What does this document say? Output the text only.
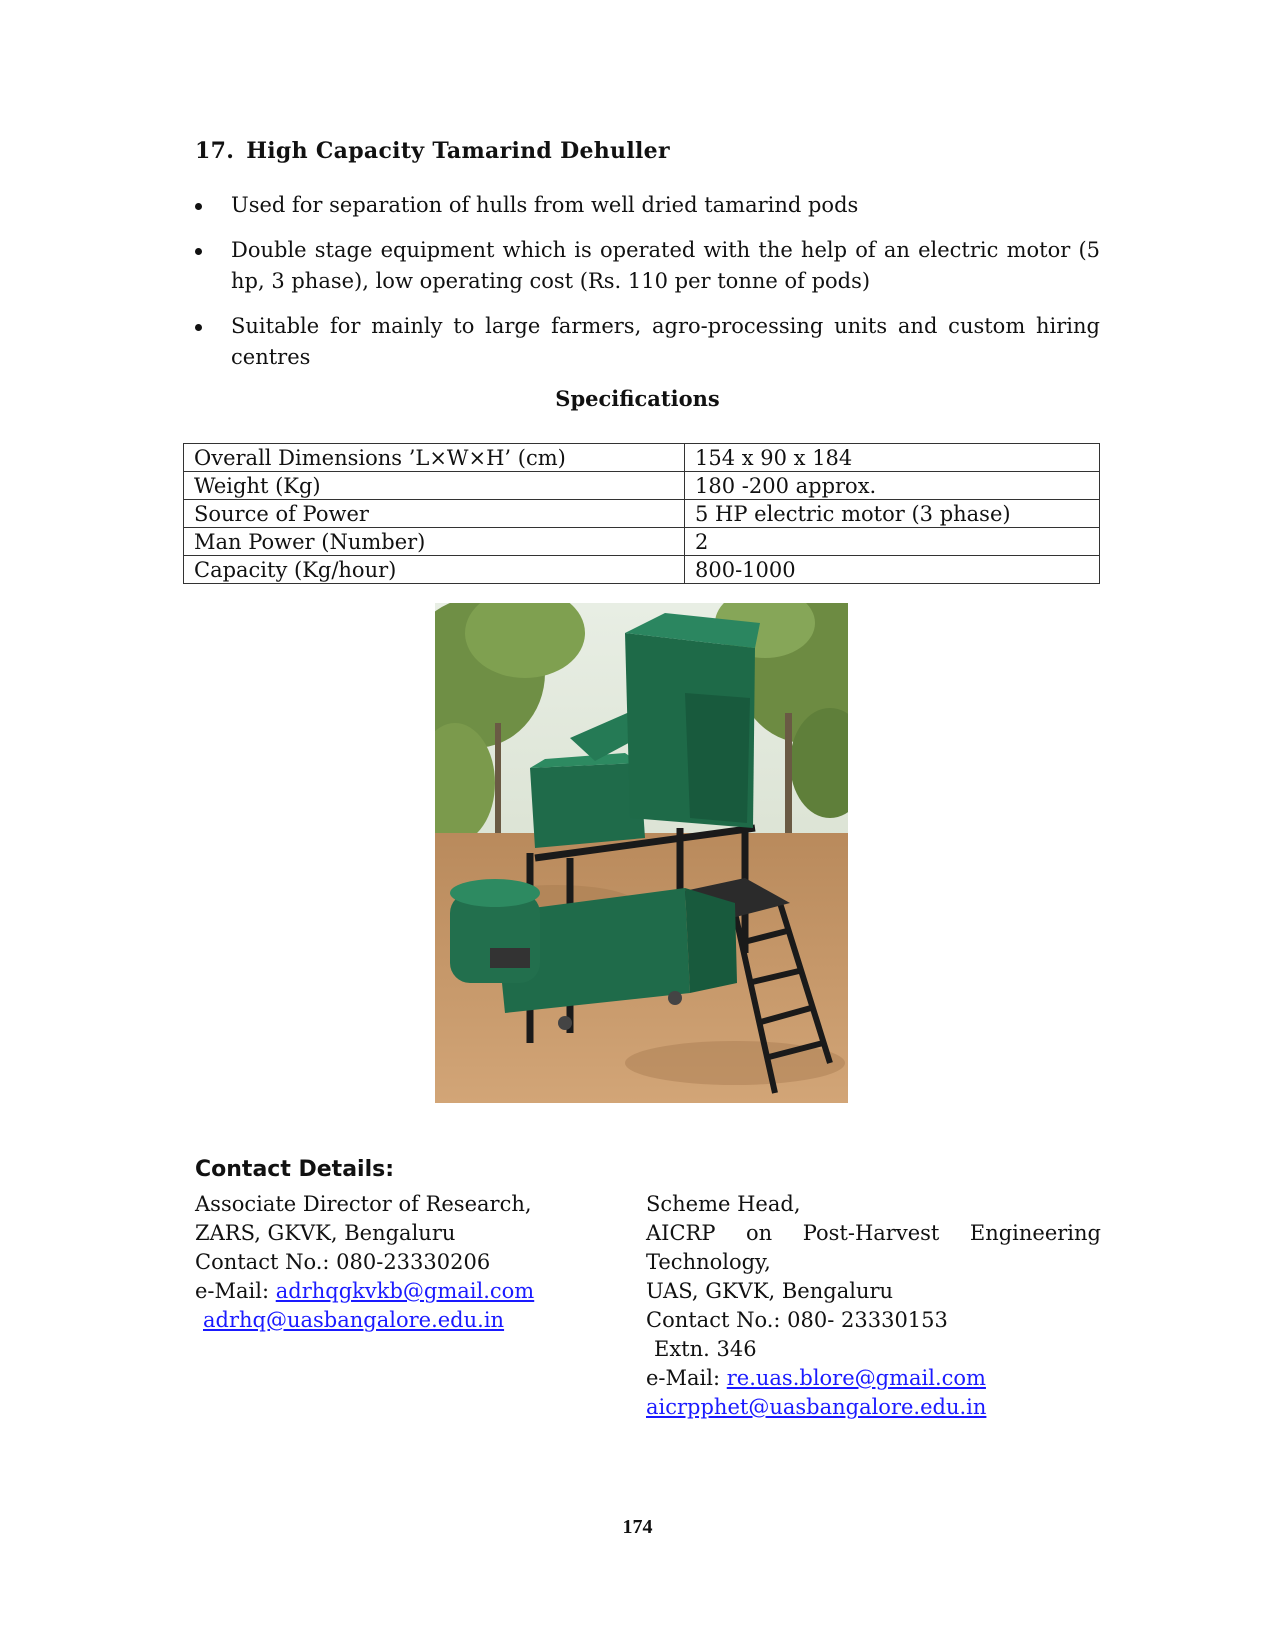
17. High Capacity Tamarind Dehuller
Used for separation of hulls from well dried tamarind pods
Double stage equipment which is operated with the help of an electric motor (5 hp, 3 phase), low operating cost (Rs. 110 per tonne of pods)
Suitable for mainly to large farmers, agro-processing units and custom hiring centres
Specifications
Overall Dimensions ’L×W×H’ (cm)	154 x 90 x 184
Weight (Kg)	180 -200 approx.
Source of Power	5 HP electric motor (3 phase)
Man Power (Number)	2
Capacity (Kg/hour)	800-1000
Contact Details:
Associate Director of Research,
ZARS, GKVK, Bengaluru
Contact No.: 080-23330206
e-Mail: adrhqgkvkb@gmail.com
adrhq@uasbangalore.edu.in
Scheme Head,
AICRP on Post-Harvest Engineering
Technology,
UAS, GKVK, Bengaluru
Contact No.: 080- 23330153
Extn. 346
e-Mail: re.uas.blore@gmail.com
aicrpphet@uasbangalore.edu.in
174
